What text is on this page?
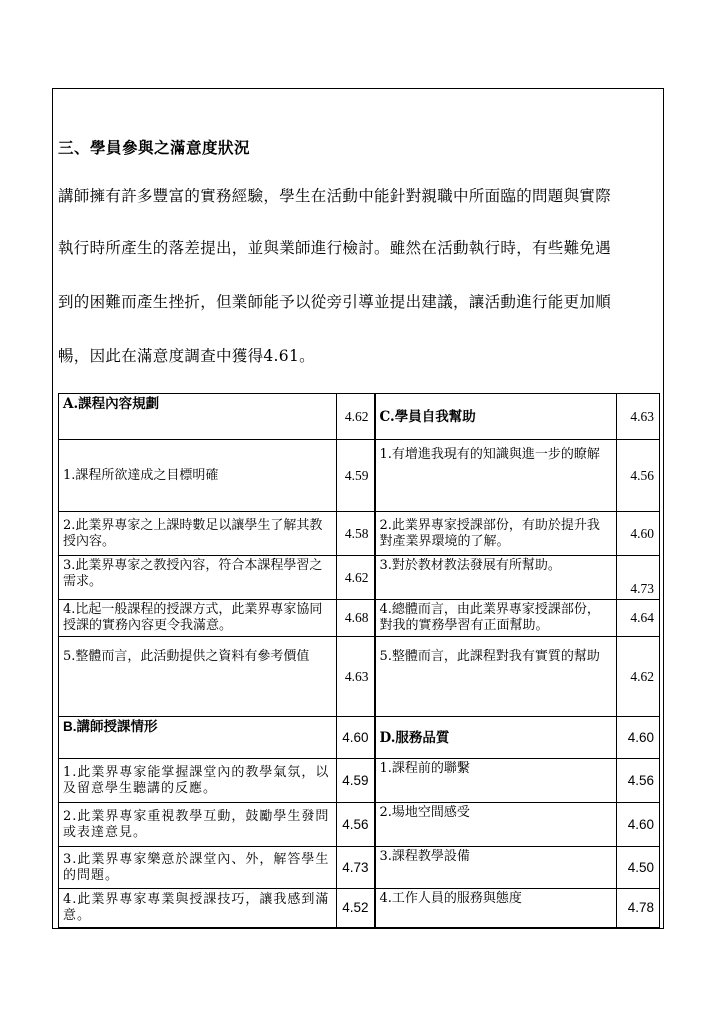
三、學員參與之滿意度狀況
講師擁有許多豐富的實務經驗，學生在活動中能針對親職中所面臨的問題與實際
執行時所產生的落差提出，並與業師進行檢討。雖然在活動執行時，有些難免遇
到的困難而產生挫折，但業師能予以從旁引導並提出建議，讓活動進行能更加順
暢，因此在滿意度調查中獲得4.61。
A.課程內容規劃	4.62	C.學員自我幫助	4.63
1.課程所欲達成之目標明確	4.59	1.有增進我現有的知識與進一步的瞭解	4.56
2.此業界專家之上課時數足以讓學生了解其教授內容。	4.58	2.此業界專家授課部份，有助於提升我對產業界環境的了解。	4.60
3.此業界專家之教授內容，符合本課程學習之需求。	4.62	3.對於教材教法發展有所幫助。	4.73
4.比起一般課程的授課方式，此業界專家協同授課的實務內容更令我滿意。	4.68	4.總體而言，由此業界專家授課部份，對我的實務學習有正面幫助。	4.64
5.整體而言，此活動提供之資料有參考價值	4.63	5.整體而言，此課程對我有實質的幫助	4.62
B.講師授課情形	4.60	D.服務品質	4.60
1.此業界專家能掌握課堂內的教學氣氛，以及留意學生聽講的反應。	4.59	1.課程前的聯繫	4.56
2.此業界專家重視教學互動，鼓勵學生發問或表達意見。	4.56	2.場地空間感受	4.60
3.此業界專家樂意於課堂內、外，解答學生的問題。	4.73	3.課程教學設備	4.50
4.此業界專家專業與授課技巧，讓我感到滿意。	4.52	4.工作人員的服務與態度	4.78
